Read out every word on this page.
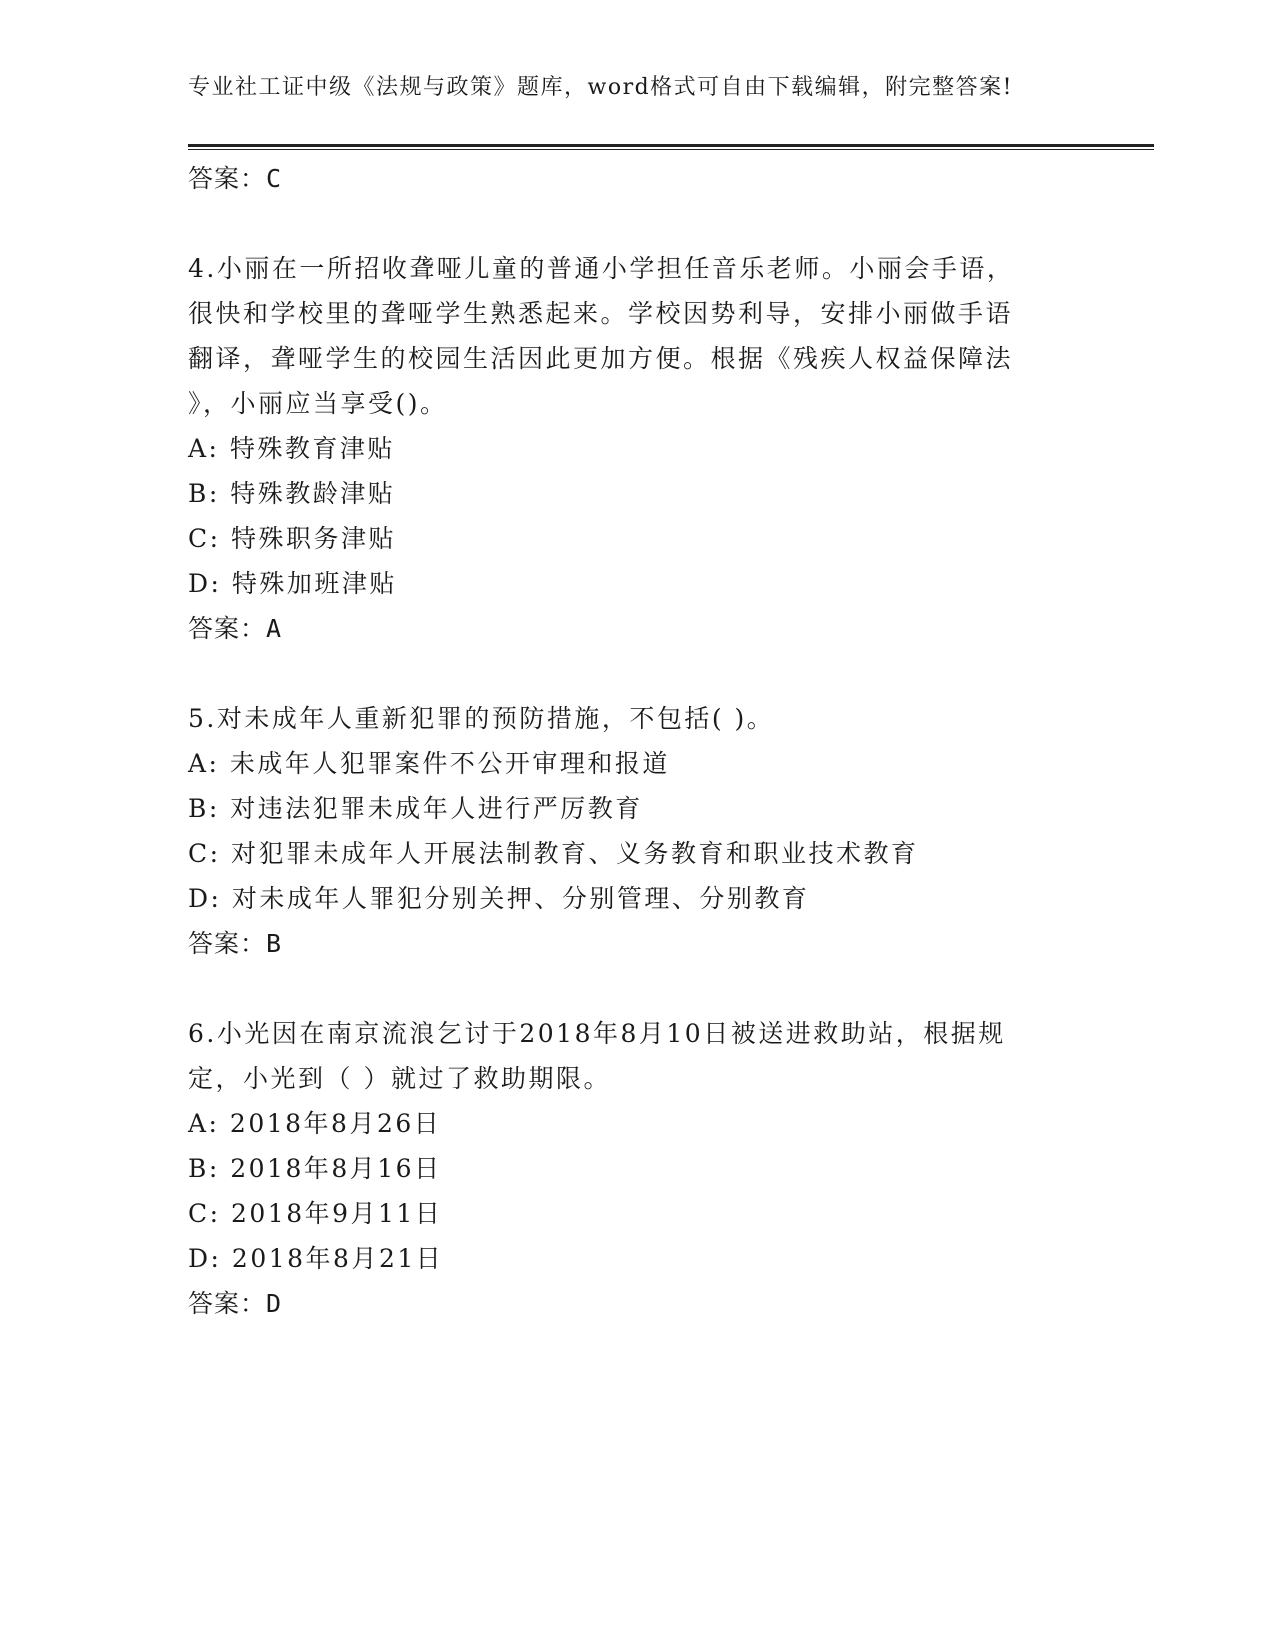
专业社工证中级《法规与政策》题库，word格式可自由下载编辑，附完整答案!
答案：C
4.小丽在一所招收聋哑儿童的普通小学担任音乐老师。小丽会手语，
很快和学校里的聋哑学生熟悉起来。学校因势利导，安排小丽做手语
翻译，聋哑学生的校园生活因此更加方便。根据《残疾人权益保障法
》，小丽应当享受()。
A: 特殊教育津贴
B: 特殊教龄津贴
C: 特殊职务津贴
D: 特殊加班津贴
答案：A
5.对未成年人重新犯罪的预防措施，不包括( )。
A: 未成年人犯罪案件不公开审理和报道
B: 对违法犯罪未成年人进行严厉教育
C: 对犯罪未成年人开展法制教育、义务教育和职业技术教育
D: 对未成年人罪犯分别关押、分别管理、分别教育
答案：B
6.小光因在南京流浪乞讨于2018年8月10日被送进救助站，根据规
定，小光到（ ）就过了救助期限。
A: 2018年8月26日
B: 2018年8月16日
C: 2018年9月11日
D: 2018年8月21日
答案：D
